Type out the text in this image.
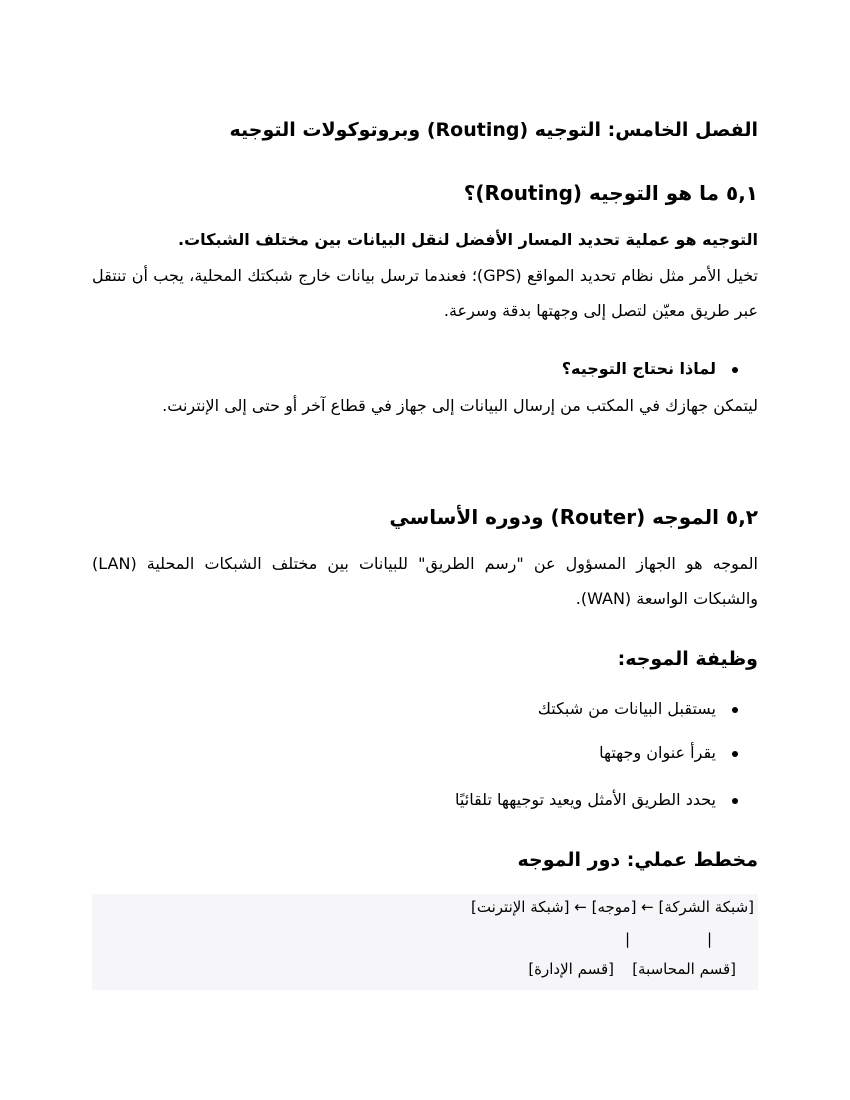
الفصل الخامس: التوجيه (Routing) وبروتوكولات التوجيه
٥,١ ما هو التوجيه (Routing)؟
التوجيه هو عملية تحديد المسار الأفضل لنقل البيانات بين مختلف الشبكات.
تخيل الأمر مثل نظام تحديد المواقع (GPS)؛ فعندما ترسل بيانات خارج شبكتك المحلية، يجب أن تنتقل عبر طريق معيّن لتصل إلى وجهتها بدقة وسرعة.
لماذا نحتاج التوجيه؟
ليتمكن جهازك في المكتب من إرسال البيانات إلى جهاز في قطاع آخر أو حتى إلى الإنترنت.
٥,٢ الموجه (Router) ودوره الأساسي
الموجه هو الجهاز المسؤول عن "رسم الطريق" للبيانات بين مختلف الشبكات المحلية (LAN) والشبكات الواسعة (WAN).
وظيفة الموجه:
يستقبل البيانات من شبكتك
يقرأ عنوان وجهتها
يحدد الطريق الأمثل ويعيد توجيهها تلقائيًا
مخطط عملي: دور الموجه
[شبكة الشركة] ← [موجه] ← [شبكة الإنترنت]
|
|
[قسم المحاسبة]
[قسم الإدارة]
